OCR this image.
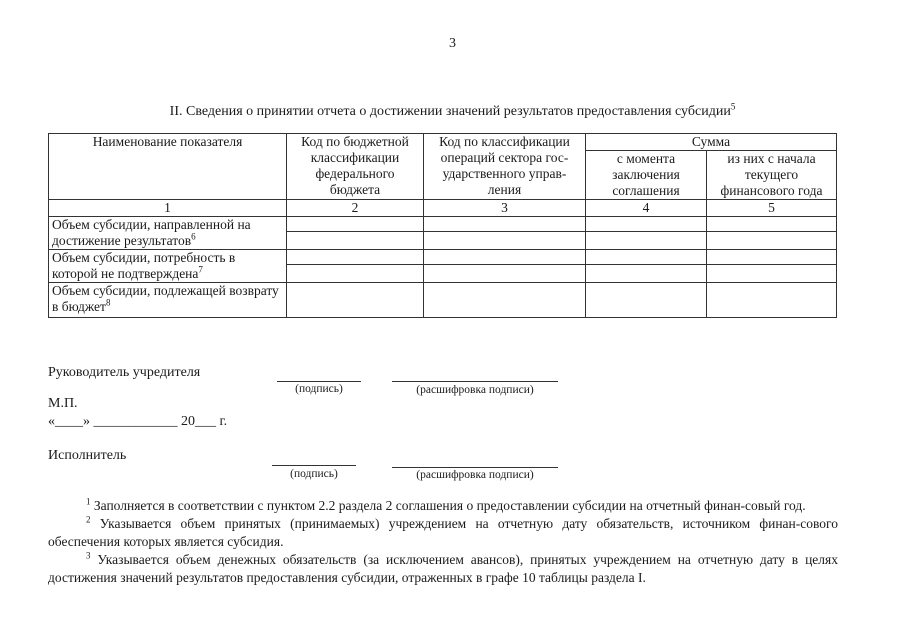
3
II. Сведения о принятии отчета о достижении значений результатов предоставления субсидии$^5$
Наименование показателя	Код по бюджетной классификации федерального бюджета	Код по классификации операций сектора гос-ударственного управ-ления	Сумма	
			с момента заключения соглашения	из них с начала текущего финансового года
1	2	3	4	5
Объем субсидии, направленной на достижение результатов$^6$				

Объем субсидии, потребность в которой не подтверждена$^7$				

Объем субсидии, подлежащей возврату в бюджет$^8$				
Руководитель учредителя
(подпись)	(расшифровка подписи)
М.П.
«____» ____________ 20___ г.
Исполнитель
(подпись)	(расшифровка подписи)

$^1$ Заполняется в соответствии с пунктом 2.2 раздела 2 соглашения о предоставлении субсидии на отчетный финан-совый год.

$^2$ Указывается объем принятых (принимаемых) учреждением на отчетную дату обязательств, источником финан-сового обеспечения которых является субсидия.

$^3$ Указывается объем денежных обязательств (за исключением авансов), принятых учреждением на отчетную дату в целях достижения значений результатов предоставления субсидии, отраженных в графе 10 таблицы раздела I.
